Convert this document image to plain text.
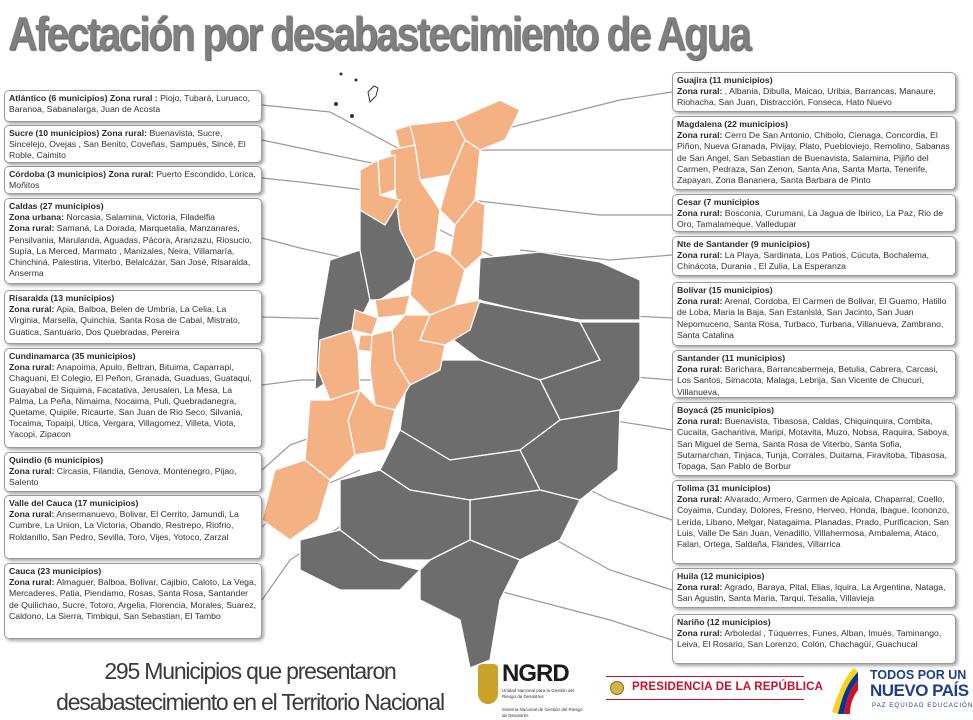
Afectación por desabastecimiento de Agua
Atlántico (6 municipios) Zona rural : Piojo, Tubará, Luruaco, Baranoa, Sabanalarga, Juan de Acosta
Sucre (10 municipios) Zona rural: Buenavista, Sucre, Sincelejo, Ovejas , San Benito, Coveñas, Sampués, Sincé, El Roble, Caimito
Córdoba (3 municipios) Zona rural: Puerto Escondido, Lorica, Moñitos
Caldas (27 municipios)
Zona urbana: Norcasia, Salamina, Victoria, Filadelfia
Zona rural: Samaná, La Dorada, Marquetalia, Manzanares, Pensilvania, Marulanda, Aguadas, Pácora, Aranzazu, Riosucio, Supía, La Merced, Marmato , Manizales, Neira, Villamaría, Chinchiná, Palestina, Viterbo, Belalcázar, San José, Risaralda, Anserma
Risaralda (13 municipios)
Zona rural: Apia, Balboa, Belen de Umbria, La Celia, La Virginia, Marsella, Quinchia, Santa Rosa de Cabal, Mistrato, Guatica, Santuario, Dos Quebradas, Pereira
Cundinamarca (35 municipios)
Zona rural: Anapoima, Apulo, Beltran, Bituima, Caparrapi, Chaguani, El Colegio, El Peñon, Granada, Guaduas, Guataqui, Guayabal de Siquima, Facatativa, Jerusalen, La Mesa, La Palma, La Peña, Nimaima, Nocaima, Puli, Quebradanegra, Quetame, Quipile, Ricaurte, San Juan de Rio Seco, Silvania, Tocaima, Topaipi, Utica, Vergara, Villagomez, Villeta, Viota, Yacopi, Zipacon
Quindio (6 municipios)
Zona rural: Circasia, Filandia, Genova, Montenegro, Pijao, Salento
Valle del Cauca (17 municipios)
Zona rural: Ansermanuevo, Bolivar, El Cerrito, Jamundi, La Cumbre, La Union, La Victoria, Obando, Restrepo, Riofrio, Roldanillo, San Pedro, Sevilla, Toro, Vijes, Yotoco, Zarzal
Cauca (23 municipios)
Zona rural: Almaguer, Balboa, Bolivar, Cajibio, Caloto, La Vega, Mercaderes, Patia, Piendamo, Rosas, Santa Rosa, Santander de Quilichao, Sucre, Totoro, Argelia, Florencia, Morales, Suarez, Caldono, La Sierra, Timbiqui, San Sebastian, El Tambo
Guajira (11 municipios)
Zona rural: , Albania, Dibulla, Maicao, Uribia, Barrancas, Manaure, Riohacha, San Juan, Distracción, Fonseca, Hato Nuevo
Magdalena (22 municipios)
Zona rural: Cerro De San Antonio, Chibolo, Cienaga, Concordia, El Piñon, Nueva Granada, Pivijay, Plato, Puebloviejo, Remolino, Sabanas de San Angel, San Sebastian de Buenavista, Salamina, Pijiño del Carmen, Pedraza, San Zenon, Santa Ana, Santa Marta, Tenerife, Zapayan, Zona Bananera, Santa Barbara de Pinto
Cesar (7 municipios
Zona rural: Bosconia, Curumani, La Jagua de Ibirico, La Paz, Rio de Oro, Tamalameque, Valledupar
Nte de Santander (9 municipios)
Zona rural: La Playa, Sardinata, Los Patios, Cúcuta, Bochalema, Chinácota, Durania , El Zulia, La Esperanza
Bolívar (15 municipios)
Zona rural: Arenal, Cordoba, El Carmen de Bolivar, El Guamo, Hatillo de Loba, Maria la Baja, San Estanislá, San Jacinto, San Juan Nepomuceno, Santa Rosa, Turbaco, Turbana, Villanueva, Zambrano, Santa Catalina
Santander (11 municipios)
Zona rural: Barichara, Barrancabermeja, Betulia, Cabrera, Carcasi, Los Santos, Simacota, Malaga, Lebrija, San Vicente de Chucuri, Villanueva,
Boyacá (25 municipios)
Zona rural: Buenavista, Tibasosa, Caldas, Chiquinquira, Combita, Cucaita, Gachantiva, Maripi, Motavita, Muzo, Nobsa, Raquira, Saboya, San Miguel de Sema, Santa Rosa de Viterbo, Santa Sofia, Sutamarchan, Tinjaca, Tunja, Corrales, Duitama, Firavitoba, Tibasosa, Topaga, San Pablo de Borbur
Tolima (31 municipios)
Zona rural: Alvarado, Armero, Carmen de Apicala, Chaparral, Coello, Coyaima, Cunday, Dolores, Fresno, Herveo, Honda, Ibague, Icononzo, Lerida, Libano, Melgar, Natagaima, Planadas, Prado, Purificacion, San Luis, Valle De San Juan, Venadillo, Villahermosa, Ambalema, Ataco, Falan, Ortega, Saldaña, Flandes, Villarrica
Huila (12 municipios)
Zona rural: Agrado, Baraya, Pital, Elias, Iquira, La Argentina, Nataga, San Agustin, Santa Maria, Tarqui, Tesalia, Villavieja
Nariño (12 municipios)
Zona rural: Arboledal , Túquerres, Funes, Alban, Imués, Taminango, Leiva, El Rosario, San Lorenzo, Colón, Chachagüí, Guachucal
295 Municipios que presentaron
desabastecimiento en el Territorio Nacional
NGRD
Unidad Nacional para la Gestión del Riesgo de Desastres
Sistema Nacional de Gestión del Riesgo de Desastres
PRESIDENCIA DE LA REPÚBLICA
TODOS POR UN
NUEVO PAÍS
PAZ EQUIDAD EDUCACIÓN
